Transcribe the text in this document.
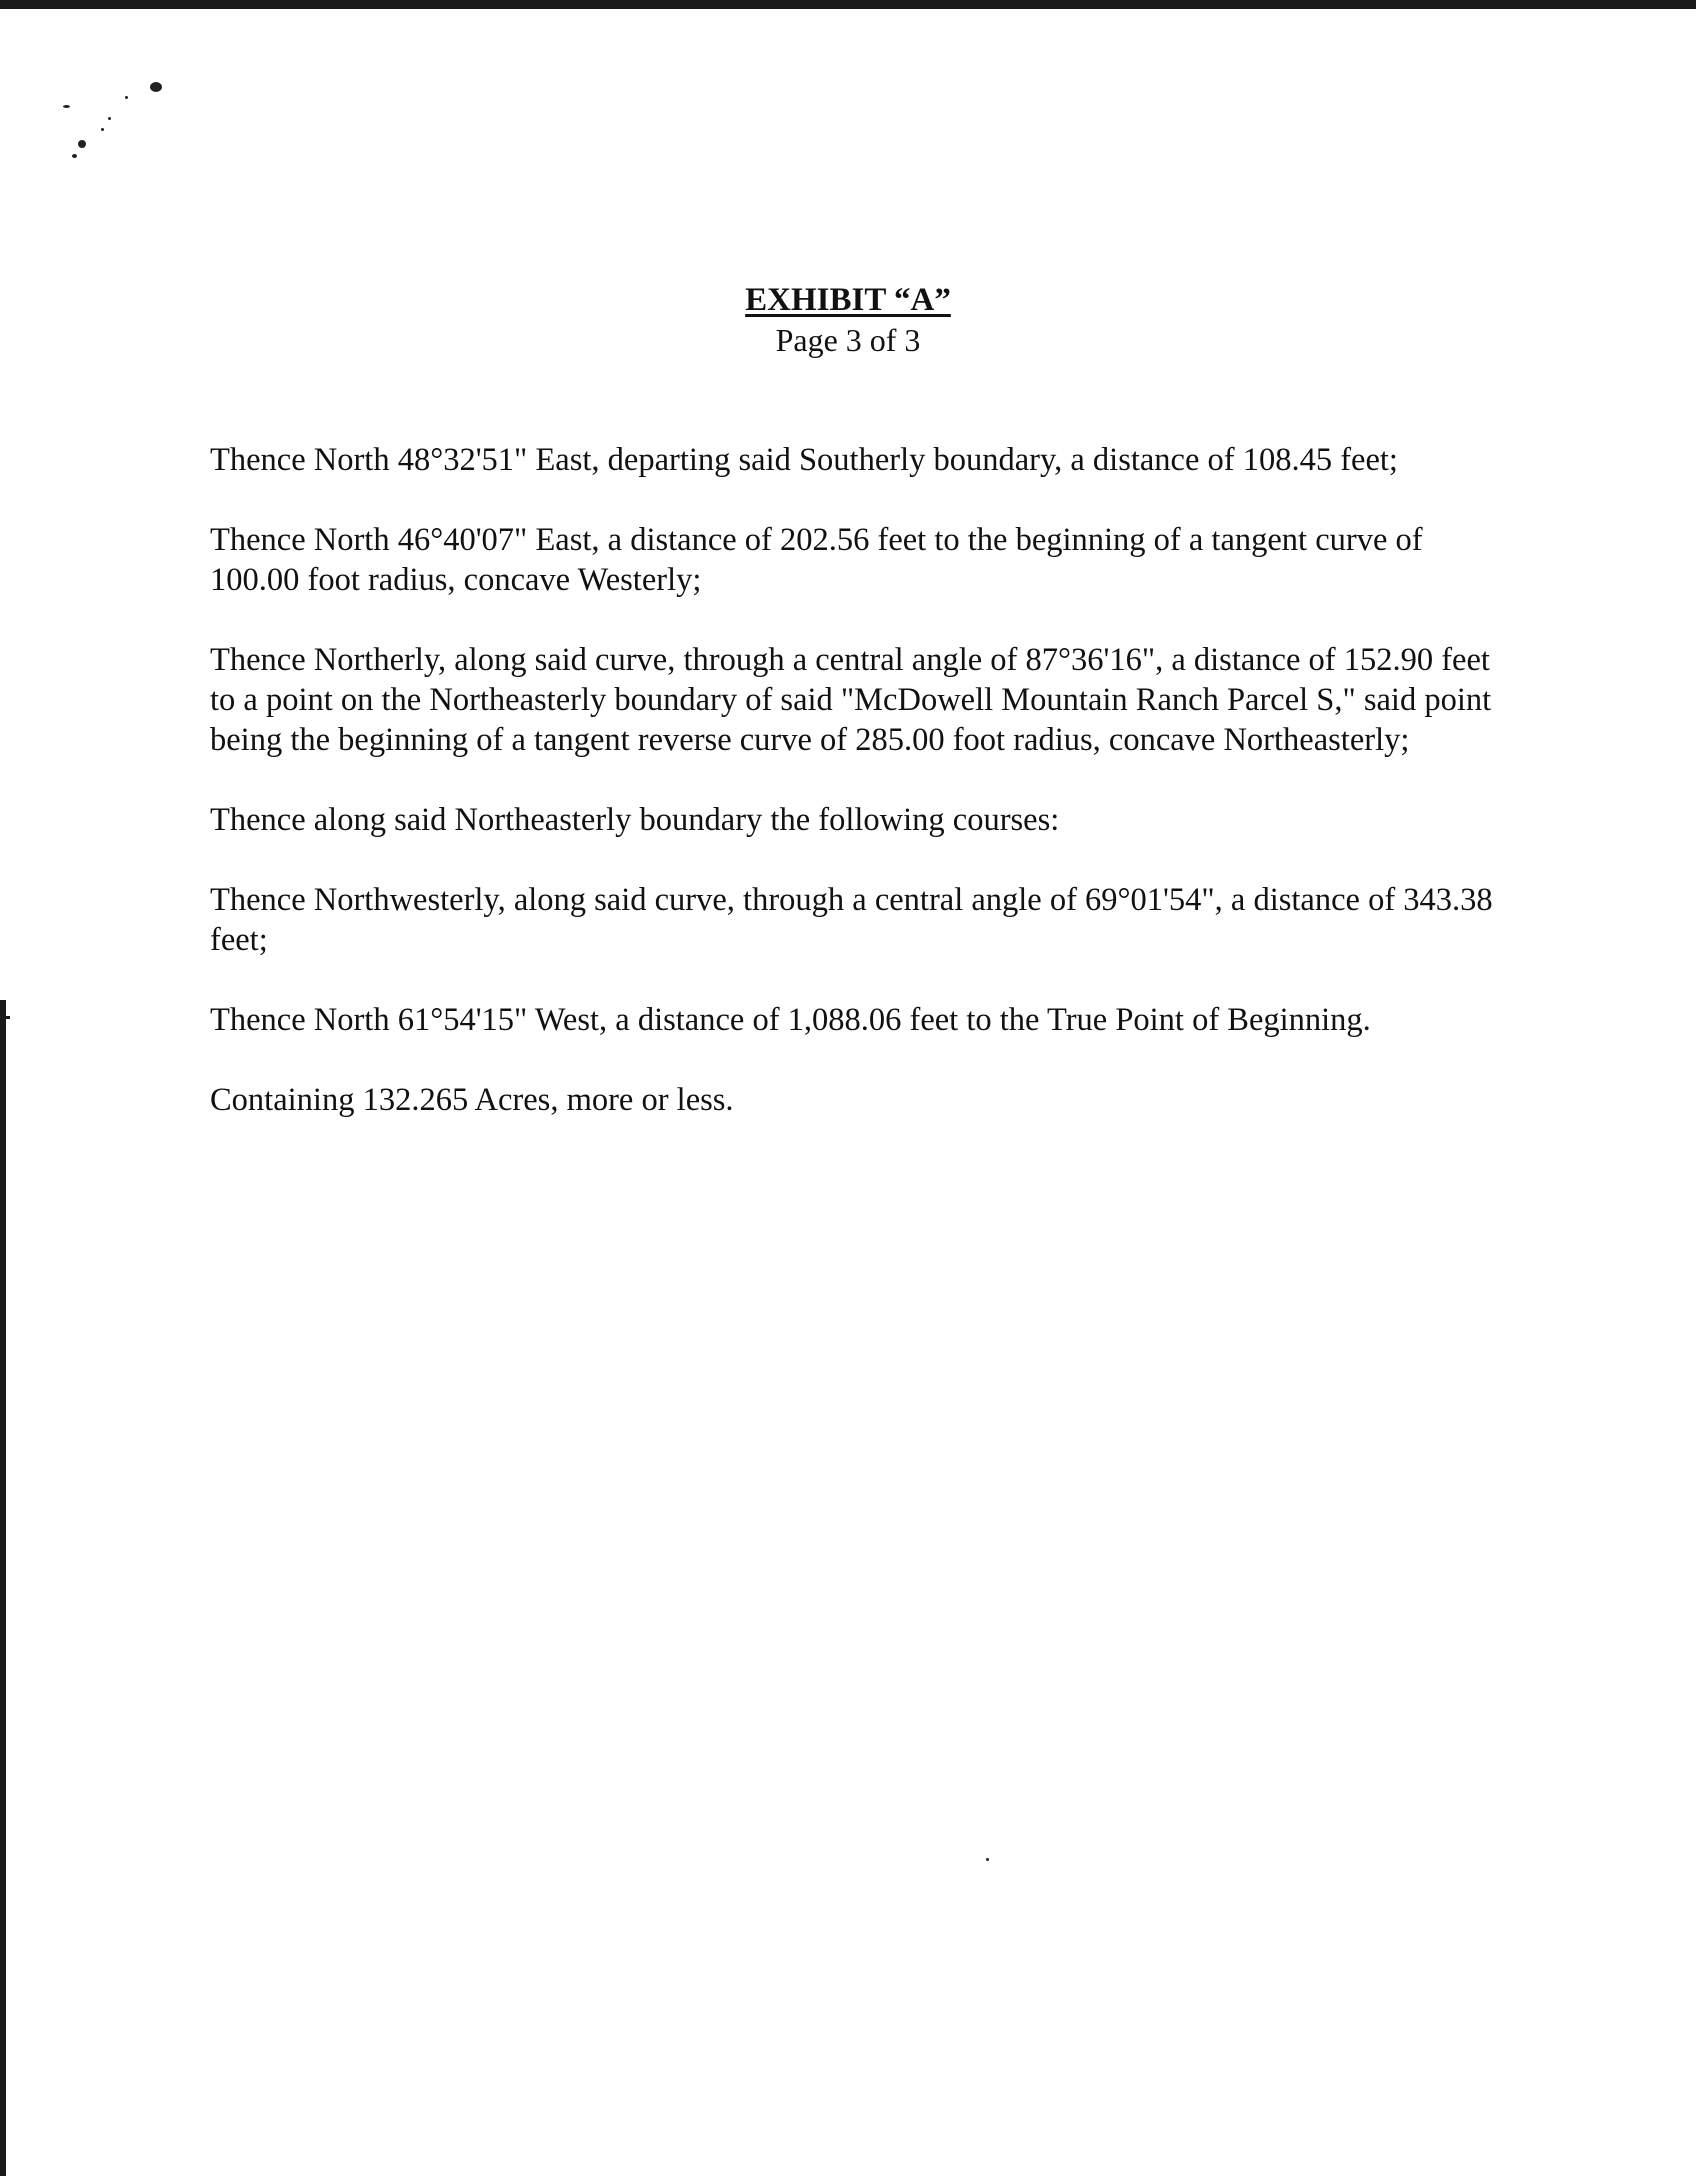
EXHIBIT “A”
Page 3 of 3

Thence North 48°32'51" East, departing said Southerly boundary, a distance of 108.45 feet;

Thence North 46°40'07" East, a distance of 202.56 feet to the beginning of a tangent curve of 100.00 foot radius, concave Westerly;

Thence Northerly, along said curve, through a central angle of 87°36'16", a distance of 152.90 feet to a point on the Northeasterly boundary of said "McDowell Mountain Ranch Parcel S," said point being the beginning of a tangent reverse curve of 285.00 foot radius, concave Northeasterly;

Thence along said Northeasterly boundary the following courses:

Thence Northwesterly, along said curve, through a central angle of 69°01'54", a distance of 343.38 feet;

Thence North 61°54'15" West, a distance of 1,088.06 feet to the True Point of Beginning.

Containing 132.265 Acres, more or less.
